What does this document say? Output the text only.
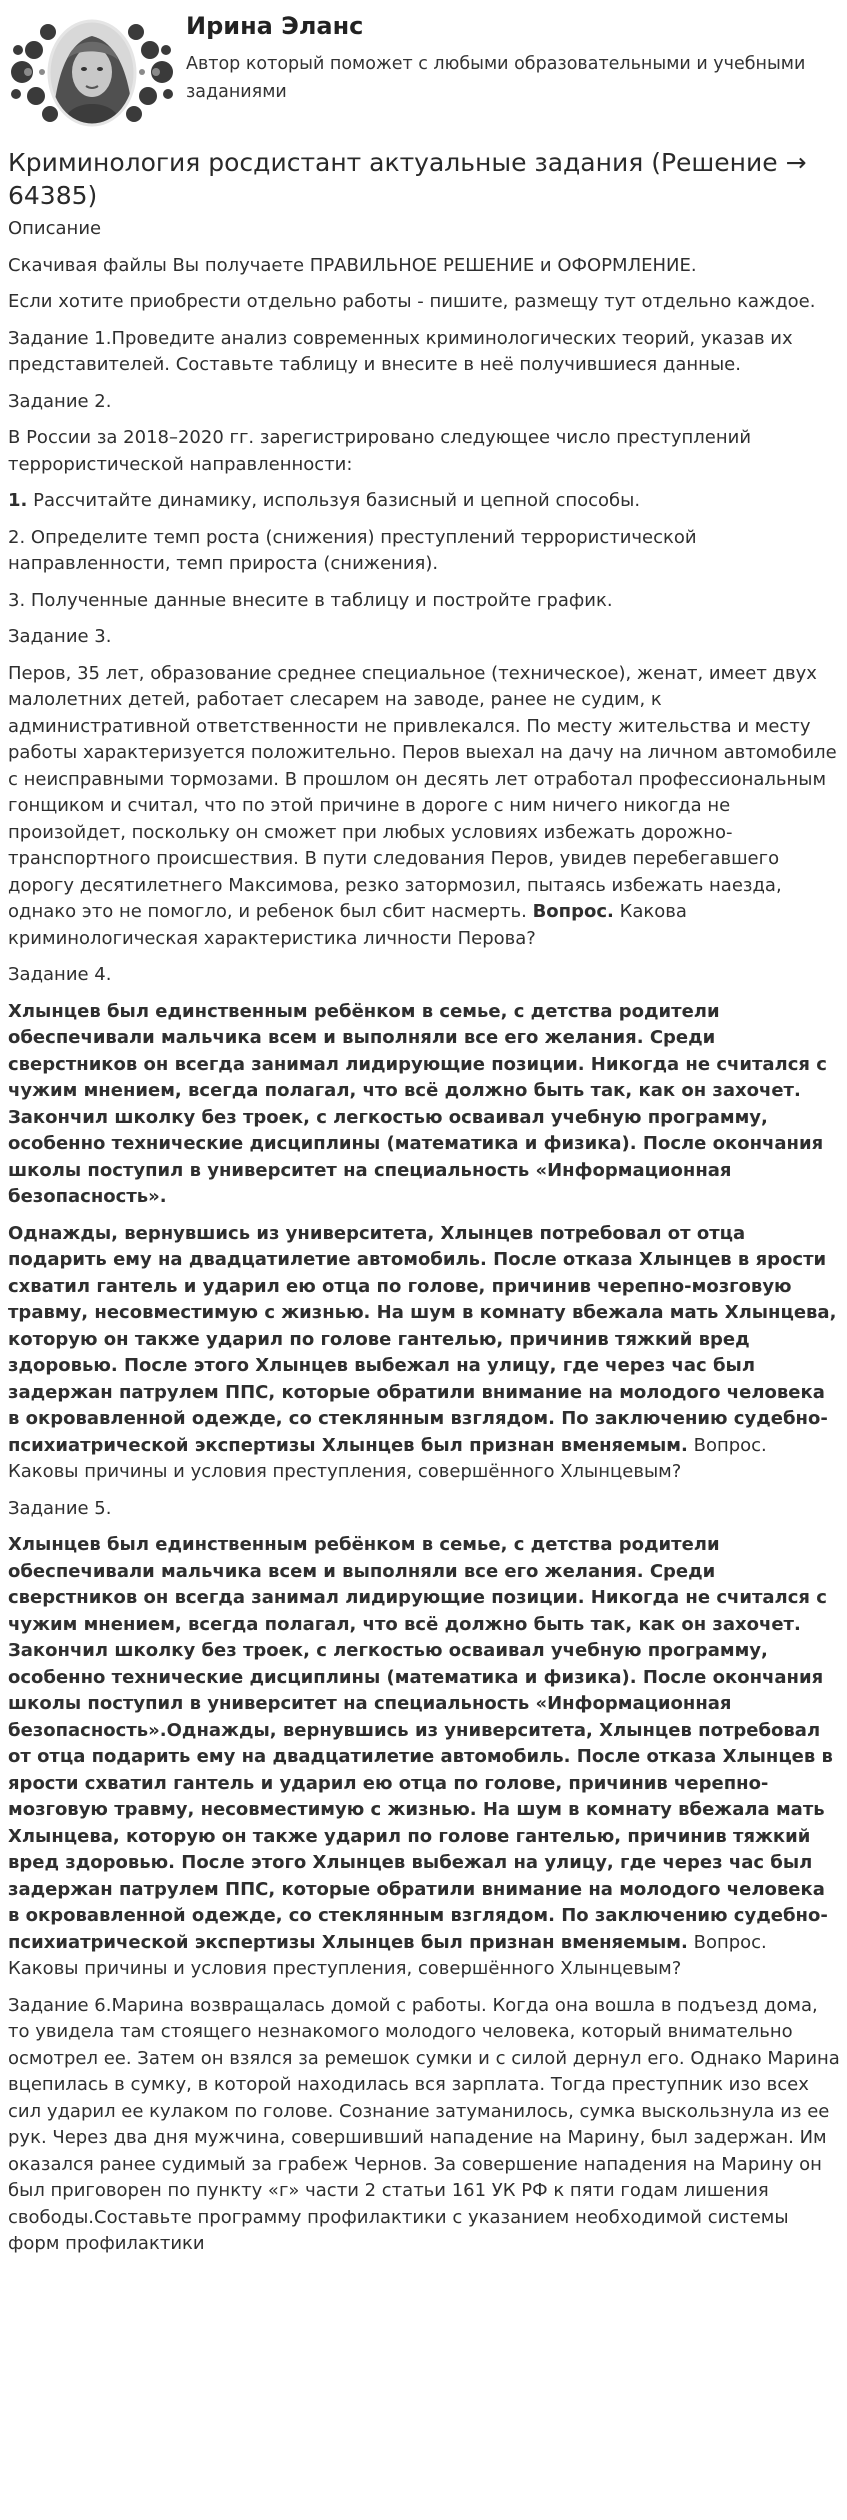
Ирина Эланс
Автор который поможет с любыми образовательными и учебными заданиями
Криминология росдистант актуальные задания (Решение → 64385)

Описание

Скачивая файлы Вы получаете ПРАВИЛЬНОЕ РЕШЕНИЕ и ОФОРМЛЕНИЕ.

Если хотите приобрести отдельно работы - пишите, размещу тут отдельно каждое.

Задание 1.Проведите анализ современных криминологических теорий, указав их представителей. Составьте таблицу и внесите в неё получившиеся данные.

Задание 2.

В России за 2018–2020 гг. зарегистрировано следующее число преступлений террористической направленности:

1. Рассчитайте динамику, используя базисный и цепной способы.

2. Определите темп роста (снижения) преступлений террористической направленности, темп прироста (снижения).

3. Полученные данные внесите в таблицу и постройте график.

Задание 3.

Перов, 35 лет, образование среднее специальное (техническое), женат, имеет двух малолетних детей, работает слесарем на заводе, ранее не судим, к административной ответственности не привлекался. По месту жительства и месту работы характеризуется положительно. Перов выехал на дачу на личном автомобиле с неисправными тормозами. В прошлом он десять лет отработал профессиональным гонщиком и считал, что по этой причине в дороге с ним ничего никогда не произойдет, поскольку он сможет при любых условиях избежать дорожно-транспортного происшествия. В пути следования Перов, увидев перебегавшего дорогу десятилетнего Максимова, резко затормозил, пытаясь избежать наезда, однако это не помогло, и ребенок был сбит насмерть. Вопрос. Какова криминологическая характеристика личности Перова?

Задание 4.

Хлынцев был единственным ребёнком в семье, с детства родители обеспечивали мальчика всем и выполняли все его желания. Среди сверстников он всегда занимал лидирующие позиции. Никогда не считался с чужим мнением, всегда полагал, что всё должно быть так, как он захочет. Закончил школку без троек, с легкостью осваивал учебную программу, особенно технические дисциплины (математика и физика). После окончания школы поступил в университет на специальность «Информационная безопасность».

Однажды, вернувшись из университета, Хлынцев потребовал от отца подарить ему на двадцатилетие автомобиль. После отказа Хлынцев в ярости схватил гантель и ударил ею отца по голове, причинив черепно-мозговую травму, несовместимую с жизнью. На шум в комнату вбежала мать Хлынцева, которую он также ударил по голове гантелью, причинив тяжкий вред здоровью. После этого Хлынцев выбежал на улицу, где через час был задержан патрулем ППС, которые обратили внимание на молодого человека в окровавленной одежде, со стеклянным взглядом. По заключению судебно-психиатрической экспертизы Хлынцев был признан вменяемым. Вопрос. Каковы причины и условия преступления, совершённого Хлынцевым?

Задание 5.

Хлынцев был единственным ребёнком в семье, с детства родители обеспечивали мальчика всем и выполняли все его желания. Среди сверстников он всегда занимал лидирующие позиции. Никогда не считался с чужим мнением, всегда полагал, что всё должно быть так, как он захочет. Закончил школку без троек, с легкостью осваивал учебную программу, особенно технические дисциплины (математика и физика). После окончания школы поступил в университет на специальность «Информационная безопасность».Однажды, вернувшись из университета, Хлынцев потребовал от отца подарить ему на двадцатилетие автомобиль. После отказа Хлынцев в ярости схватил гантель и ударил ею отца по голове, причинив черепно-мозговую травму, несовместимую с жизнью. На шум в комнату вбежала мать Хлынцева, которую он также ударил по голове гантелью, причинив тяжкий вред здоровью. После этого Хлынцев выбежал на улицу, где через час был задержан патрулем ППС, которые обратили внимание на молодого человека в окровавленной одежде, со стеклянным взглядом. По заключению судебно-психиатрической экспертизы Хлынцев был признан вменяемым. Вопрос. Каковы причины и условия преступления, совершённого Хлынцевым?

Задание 6.Марина возвращалась домой с работы. Когда она вошла в подъезд дома, то увидела там стоящего незнакомого молодого человека, который внимательно осмотрел ее. Затем он взялся за ремешок сумки и с силой дернул его. Однако Марина вцепилась в сумку, в которой находилась вся зарплата. Тогда преступник изо всех сил ударил ее кулаком по голове. Сознание затуманилось, сумка выскользнула из ее рук. Через два дня мужчина, совершивший нападение на Марину, был задержан. Им оказался ранее судимый за грабеж Чернов. За совершение нападения на Марину он был приговорен по пункту «г» части 2 статьи 161 УК РФ к пяти годам лишения свободы.Составьте программу профилактики с указанием необходимой системы форм профилактики
